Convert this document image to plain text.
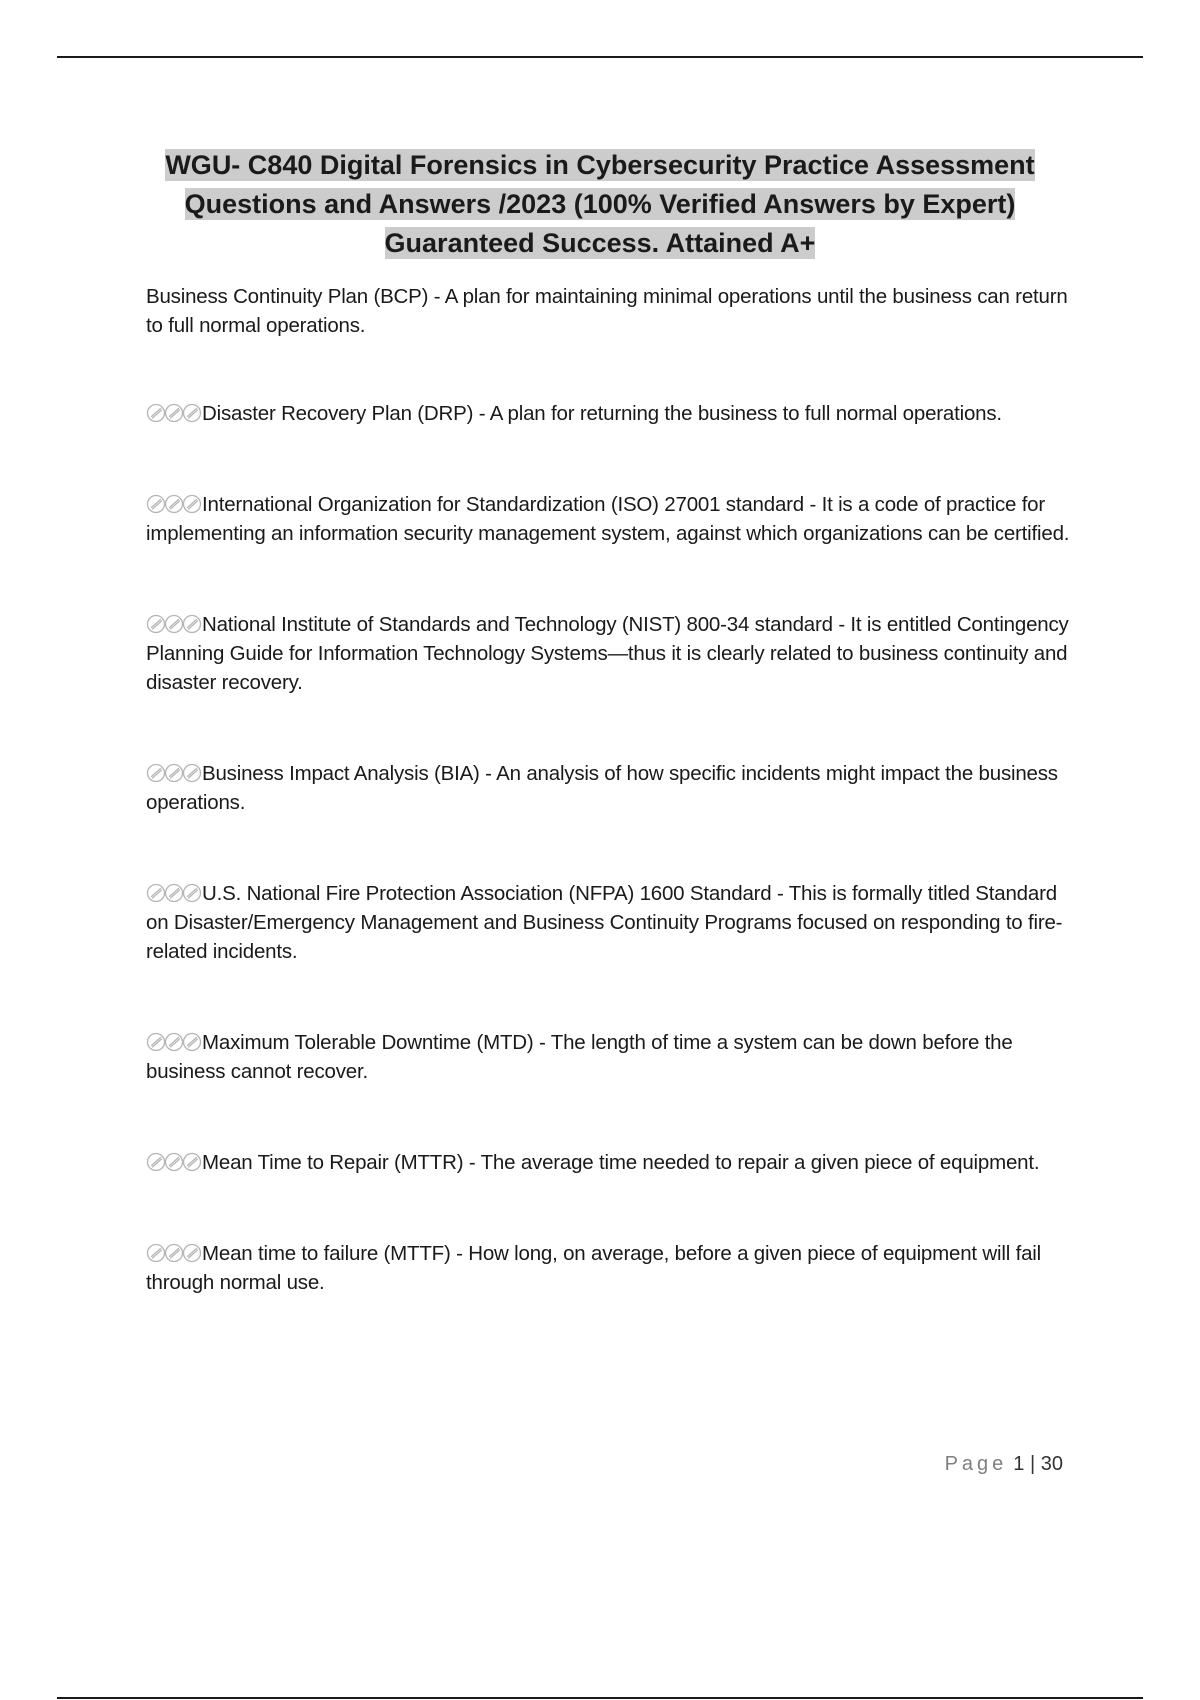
WGU- C840 Digital Forensics in Cybersecurity Practice Assessment Questions and Answers /2023 (100% Verified Answers by Expert) Guaranteed Success. Attained A+

Business Continuity Plan (BCP) - A plan for maintaining minimal operations until the business can return to full normal operations.

Disaster Recovery Plan (DRP) - A plan for returning the business to full normal operations.

International Organization for Standardization (ISO) 27001 standard - It is a code of practice for implementing an information security management system, against which organizations can be certified.

National Institute of Standards and Technology (NIST) 800-34 standard - It is entitled Contingency Planning Guide for Information Technology Systems—thus it is clearly related to business continuity and disaster recovery.

Business Impact Analysis (BIA) - An analysis of how specific incidents might impact the business operations.

U.S. National Fire Protection Association (NFPA) 1600 Standard - This is formally titled Standard on Disaster/Emergency Management and Business Continuity Programs focused on responding to fire-related incidents.

Maximum Tolerable Downtime (MTD) - The length of time a system can be down before the business cannot recover.

Mean Time to Repair (MTTR) - The average time needed to repair a given piece of equipment.

Mean time to failure (MTTF) - How long, on average, before a given piece of equipment will fail through normal use.

Page 1 | 30
